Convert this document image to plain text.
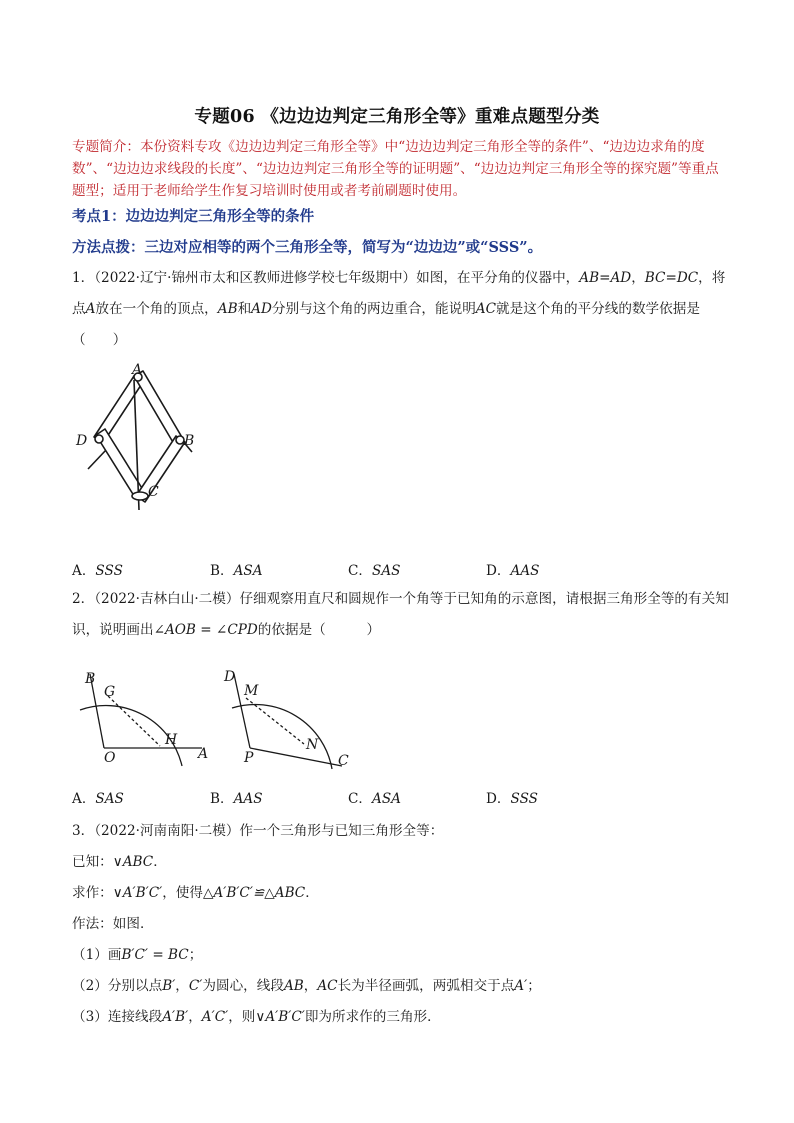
专题06 《边边边判定三角形全等》重难点题型分类
专题简介：本份资料专攻《边边边判定三角形全等》中“边边边判定三角形全等的条件”、“边边边求角的度数”、“边边边求线段的长度”、“边边边判定三角形全等的证明题”、“边边边判定三角形全等的探究题”等重点题型；适用于老师给学生作复习培训时使用或者考前刷题时使用。
考点1：边边边判定三角形全等的条件
方法点拨：三边对应相等的两个三角形全等，简写为“边边边”或“SSS”。
1．（2022·辽宁·锦州市太和区教师进修学校七年级期中）如图，在平分角的仪器中，AB=AD，BC=DC，将点A放在一个角的顶点，AB和AD分别与这个角的两边重合，能说明AC就是这个角的平分线的数学依据是（　　）
A
B
C
D
A．SSS	B．ASA	C．SAS	D．AAS
2．（2022·吉林白山·二模）仔细观察用直尺和圆规作一个角等于已知角的示意图，请根据三角形全等的有关知识，说明画出∠AOB = ∠CPD的依据是（　　　）
B
G
O
H
A
D
M
P
N
C
A．SAS	B．AAS	C．ASA	D．SSS
3．（2022·河南南阳·二模）作一个三角形与已知三角形全等：
已知：∨ABC．
求作：∨A′B′C′，使得△A′B′C′≌△ABC．
作法：如图．
（1）画B′C′ = BC；
（2）分别以点B′，C′为圆心，线段AB，AC长为半径画弧，两弧相交于点A′；
（3）连接线段A′B′，A′C′，则∨A′B′C′即为所求作的三角形．
